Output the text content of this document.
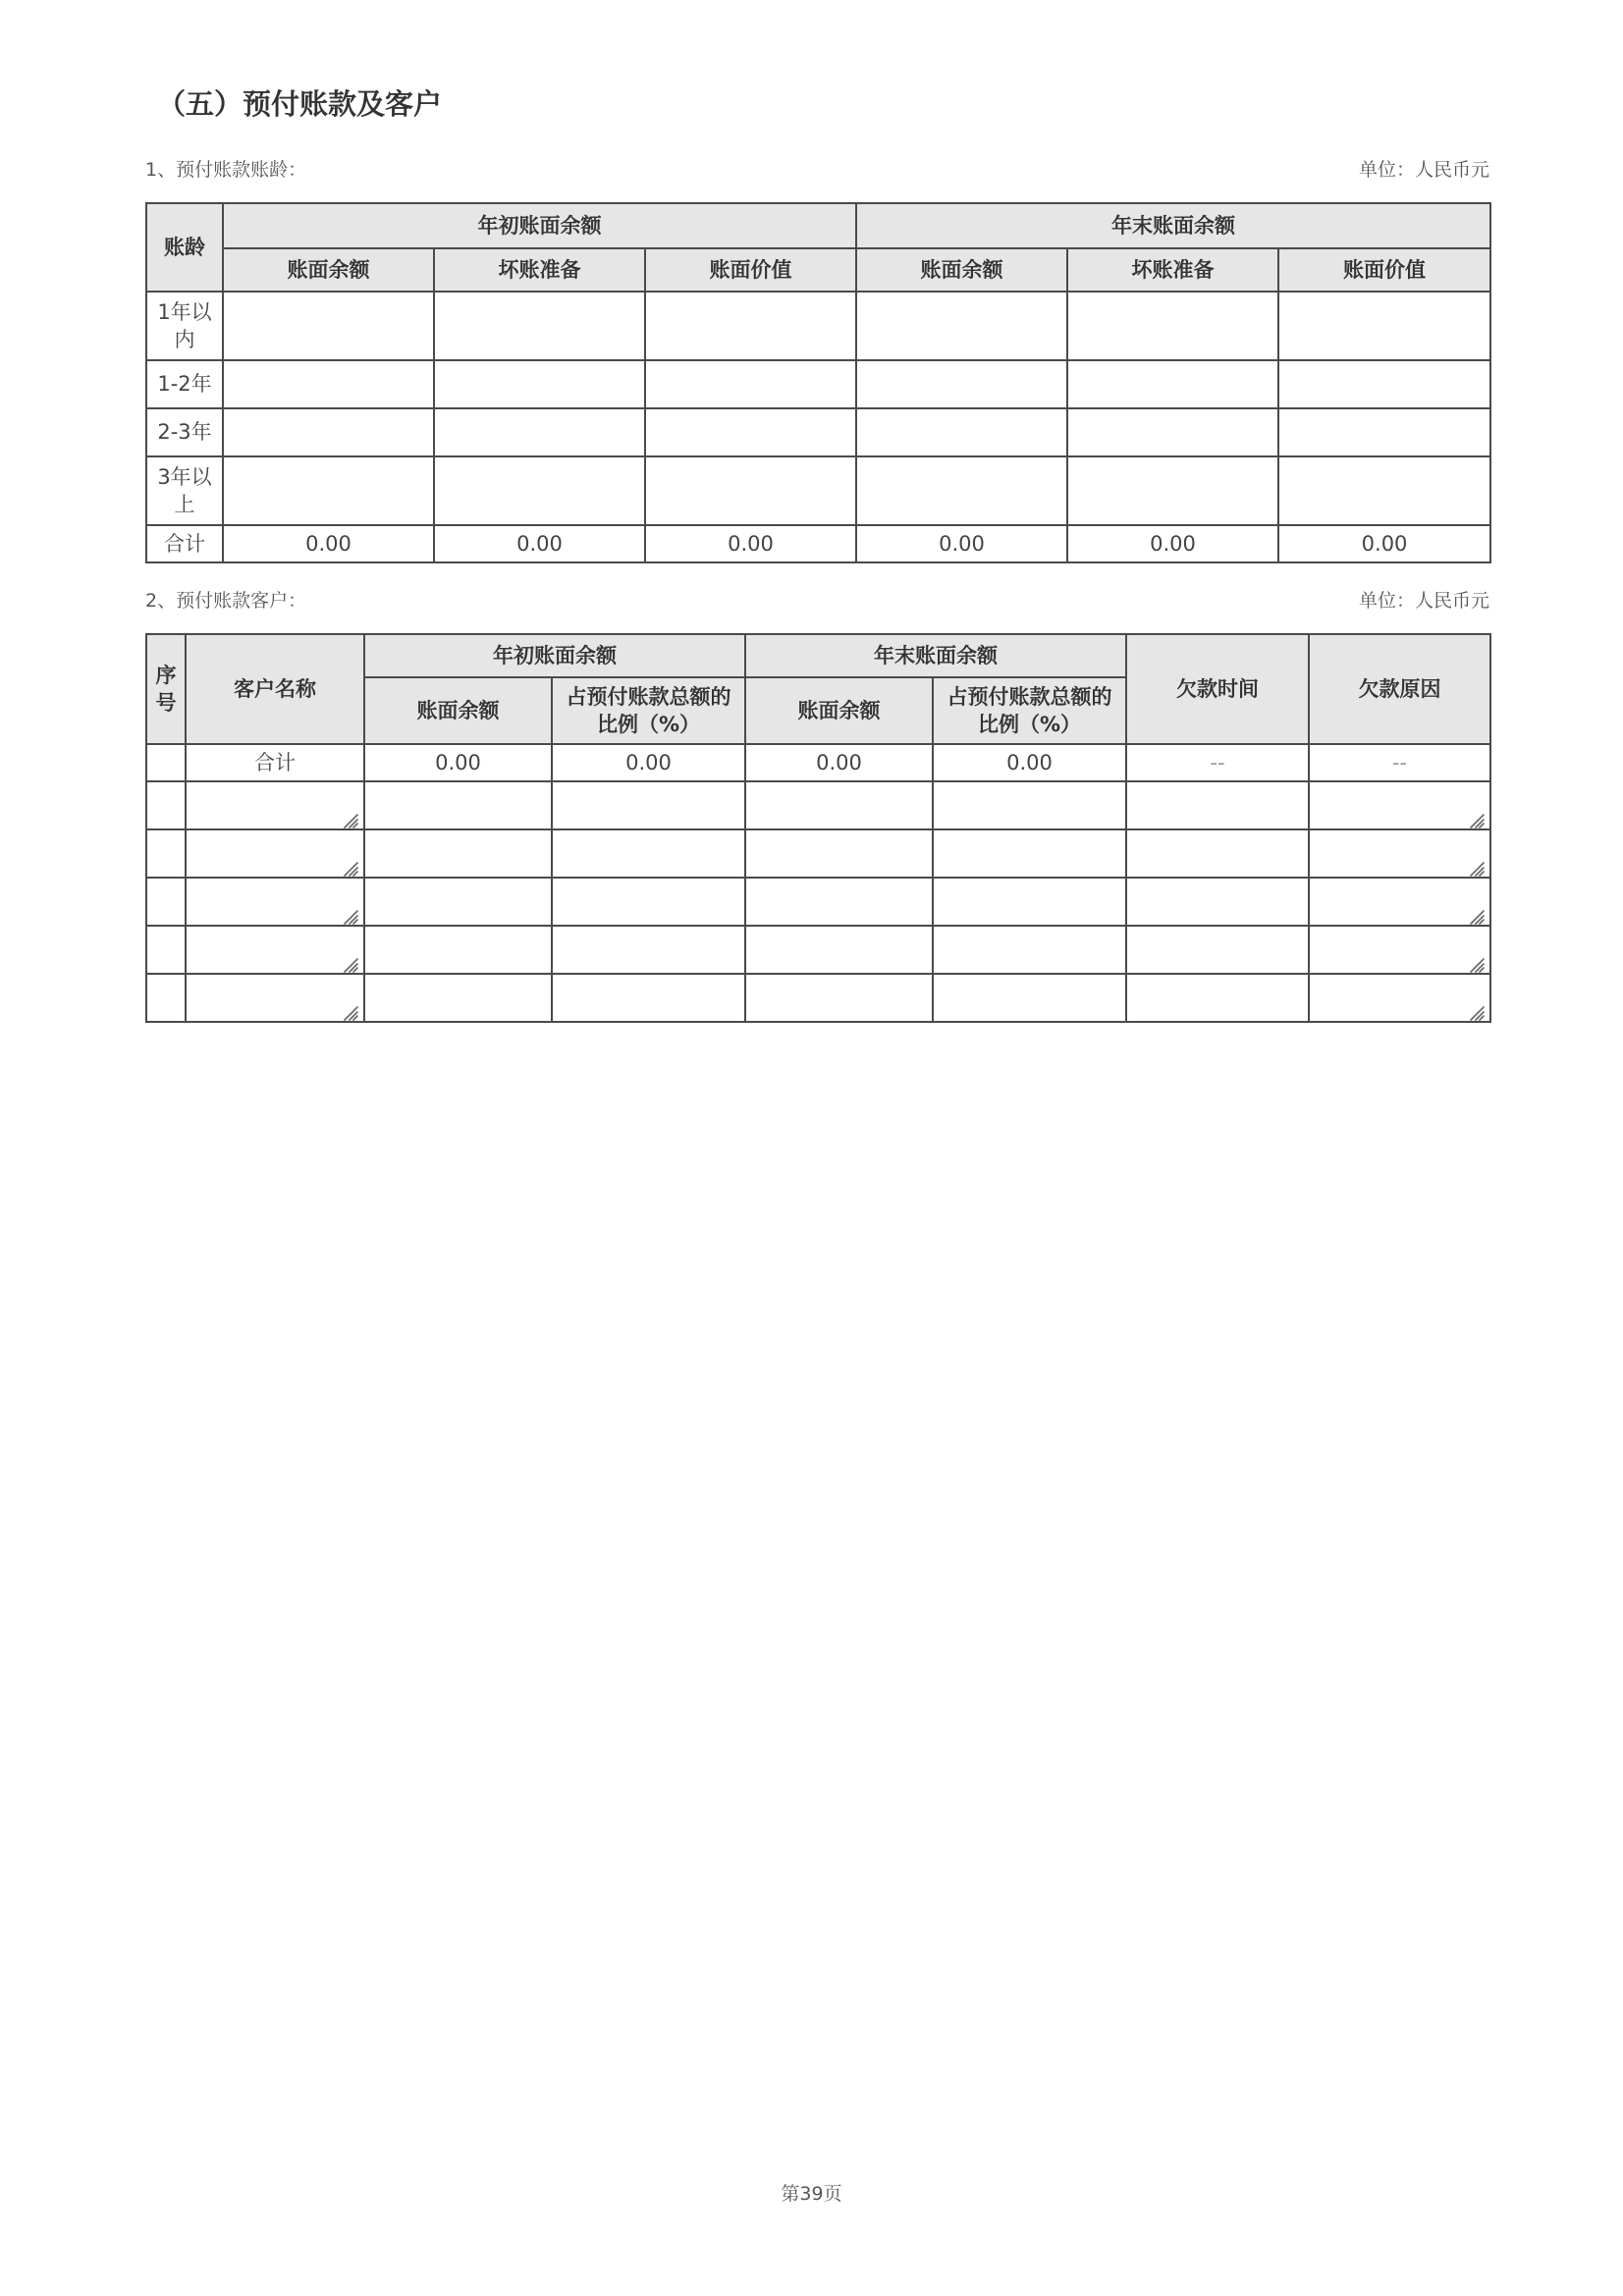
（五）预付账款及客户
1、预付账款账龄：	单位：人民币元
账龄	年初账面余额			年末账面余额		
	账面余额	坏账准备	账面价值	账面余额	坏账准备	账面价值
1年以内						
1-2年						
2-3年						
3年以上						
合计	0.00	0.00	0.00	0.00	0.00	0.00
2、预付账款客户：	单位：人民币元
序号	客户名称	年初账面余额		年末账面余额		欠款时间	欠款原因
		账面余额	占预付账款总额的比例（%）	账面余额	占预付账款总额的比例（%）		
	合计	0.00	0.00	0.00	0.00	--	--

第39页
